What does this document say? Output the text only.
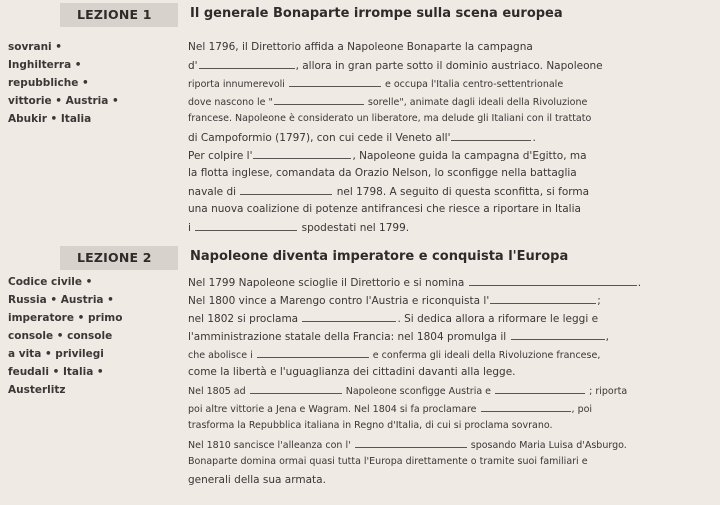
LEZIONE 1	Il generale Bonaparte irrompe sulla scena europea
sovrani •
Inghilterra •
repubbliche •
vittorie • Austria •
Abukir • Italia
Nel 1796, il Direttorio affida a Napoleone Bonaparte la campagna
d'	, allora in gran parte sotto il dominio austriaco. Napoleone
riporta innumerevoli	e occupa l'Italia centro-settentrionale
dove nascono le "	sorelle", animate dagli ideali della Rivoluzione
francese. Napoleone è considerato un liberatore, ma delude gli Italiani con il trattato
di Campoformio (1797), con cui cede il Veneto all'	.
Per colpire l'	, Napoleone guida la campagna d'Egitto, ma
la flotta inglese, comandata da Orazio Nelson, lo sconfigge nella battaglia
navale di	nel 1798. A seguito di questa sconfitta, si forma
una nuova coalizione di potenze antifrancesi che riesce a riportare in Italia
i	spodestati nel 1799.
LEZIONE 2	Napoleone diventa imperatore e conquista l'Europa
Codice civile •
Russia • Austria •
imperatore • primo
console • console
a vita • privilegi
feudali • Italia •
Austerlitz
Nel 1799 Napoleone scioglie il Direttorio e si nomina	.
Nel 1800 vince a Marengo contro l'Austria e riconquista l'	;
nel 1802 si proclama	. Si dedica allora a riformare le leggi e
l'amministrazione statale della Francia: nel 1804 promulga il	,
che abolisce i	e conferma gli ideali della Rivoluzione francese,
come la libertà e l'uguaglianza dei cittadini davanti alla legge.
Nel 1805 ad	Napoleone sconfigge Austria e	; riporta
poi altre vittorie a Jena e Wagram. Nel 1804 si fa proclamare	, poi
trasforma la Repubblica italiana in Regno d'Italia, di cui si proclama sovrano.
Nel 1810 sancisce l'alleanza con l'	sposando Maria Luisa d'Asburgo.
Bonaparte domina ormai quasi tutta l'Europa direttamente o tramite suoi familiari e
generali della sua armata.
